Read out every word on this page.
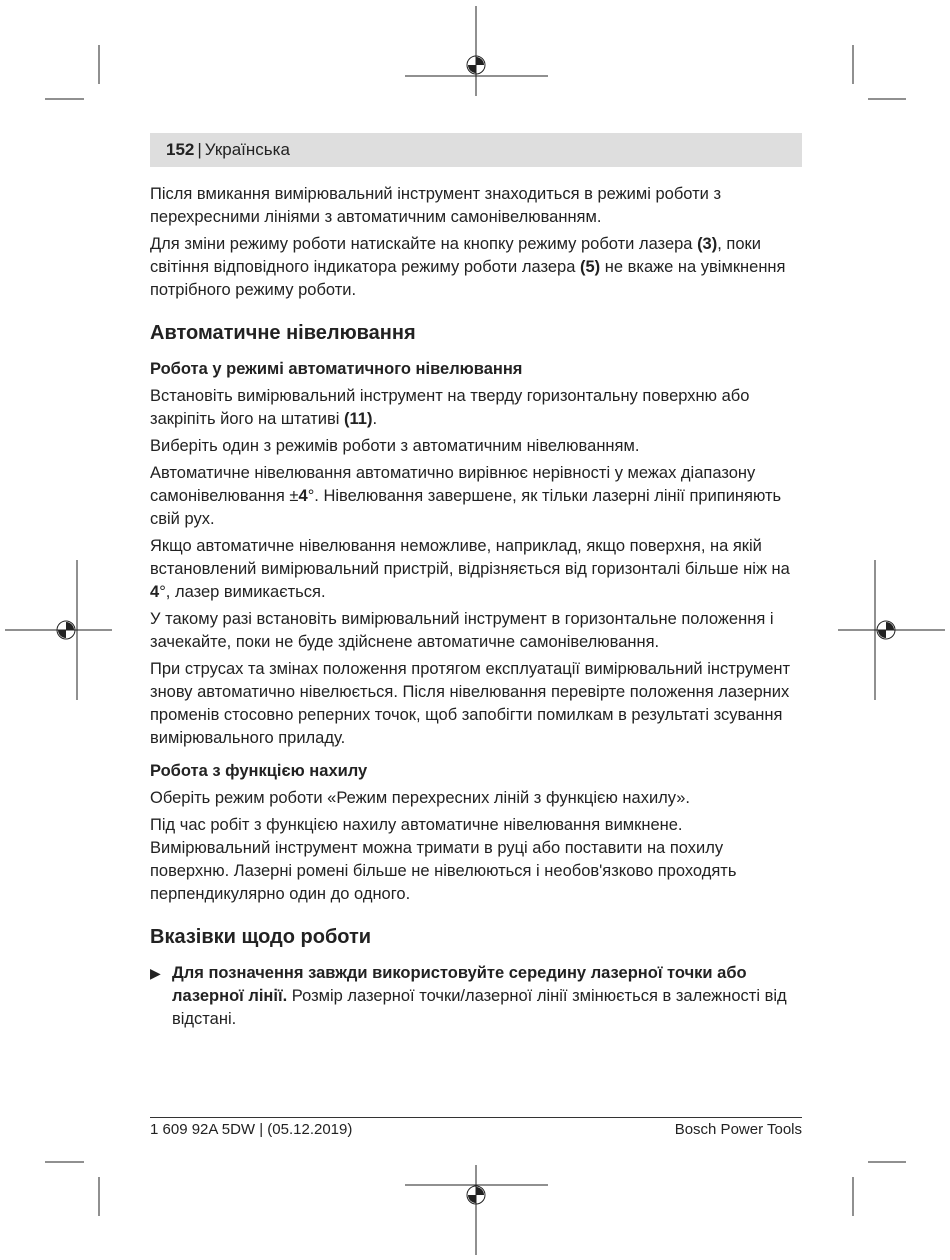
152 | Українська

Після вмикання вимірювальний інструмент знаходиться в режимі роботи з перехресними лініями з автоматичним самонівелюванням.

Для зміни режиму роботи натискайте на кнопку режиму роботи лазера (3), поки світіння відповідного індикатора режиму роботи лазера (5) не вкаже на увімкнення потрібного режиму роботи.

Автоматичне нівелювання
Робота у режимі автоматичного нівелювання

Встановіть вимірювальний інструмент на тверду горизонтальну поверхню або закріпіть його на штативі (11).

Виберіть один з режимів роботи з автоматичним нівелюванням.

Автоматичне нівелювання автоматично вирівнює нерівності у межах діапазону самонівелювання ±4°. Нівелювання завершене, як тільки лазерні лінії припиняють свій рух.

Якщо автоматичне нівелювання неможливе, наприклад, якщо поверхня, на якій встановлений вимірювальний пристрій, відрізняється від горизонталі більше ніж на 4°, лазер вимикається.

У такому разі встановіть вимірювальний інструмент в горизонтальне положення і зачекайте, поки не буде здійснене автоматичне самонівелювання.

При струсах та змінах положення протягом експлуатації вимірювальний інструмент знову автоматично нівелюється. Після нівелювання перевірте положення лазерних променів стосовно реперних точок, щоб запобігти помилкам в результаті зсування вимірювального приладу.

Робота з функцією нахилу

Оберіть режим роботи «Режим перехресних ліній з функцією нахилу».

Під час робіт з функцією нахилу автоматичне нівелювання вимкнене. Вимірювальний інструмент можна тримати в руці або поставити на похилу поверхню. Лазерні ромені більше не нівелюються і необов'язково проходять перпендикулярно один до одного.

Вказівки щодо роботи
▶ Для позначення завжди використовуйте середину лазерної точки або лазерної лінії. Розмір лазерної точки/лазерної лінії змінюється в залежності від відстані.
1 609 92A 5DW | (05.12.2019)	Bosch Power Tools
